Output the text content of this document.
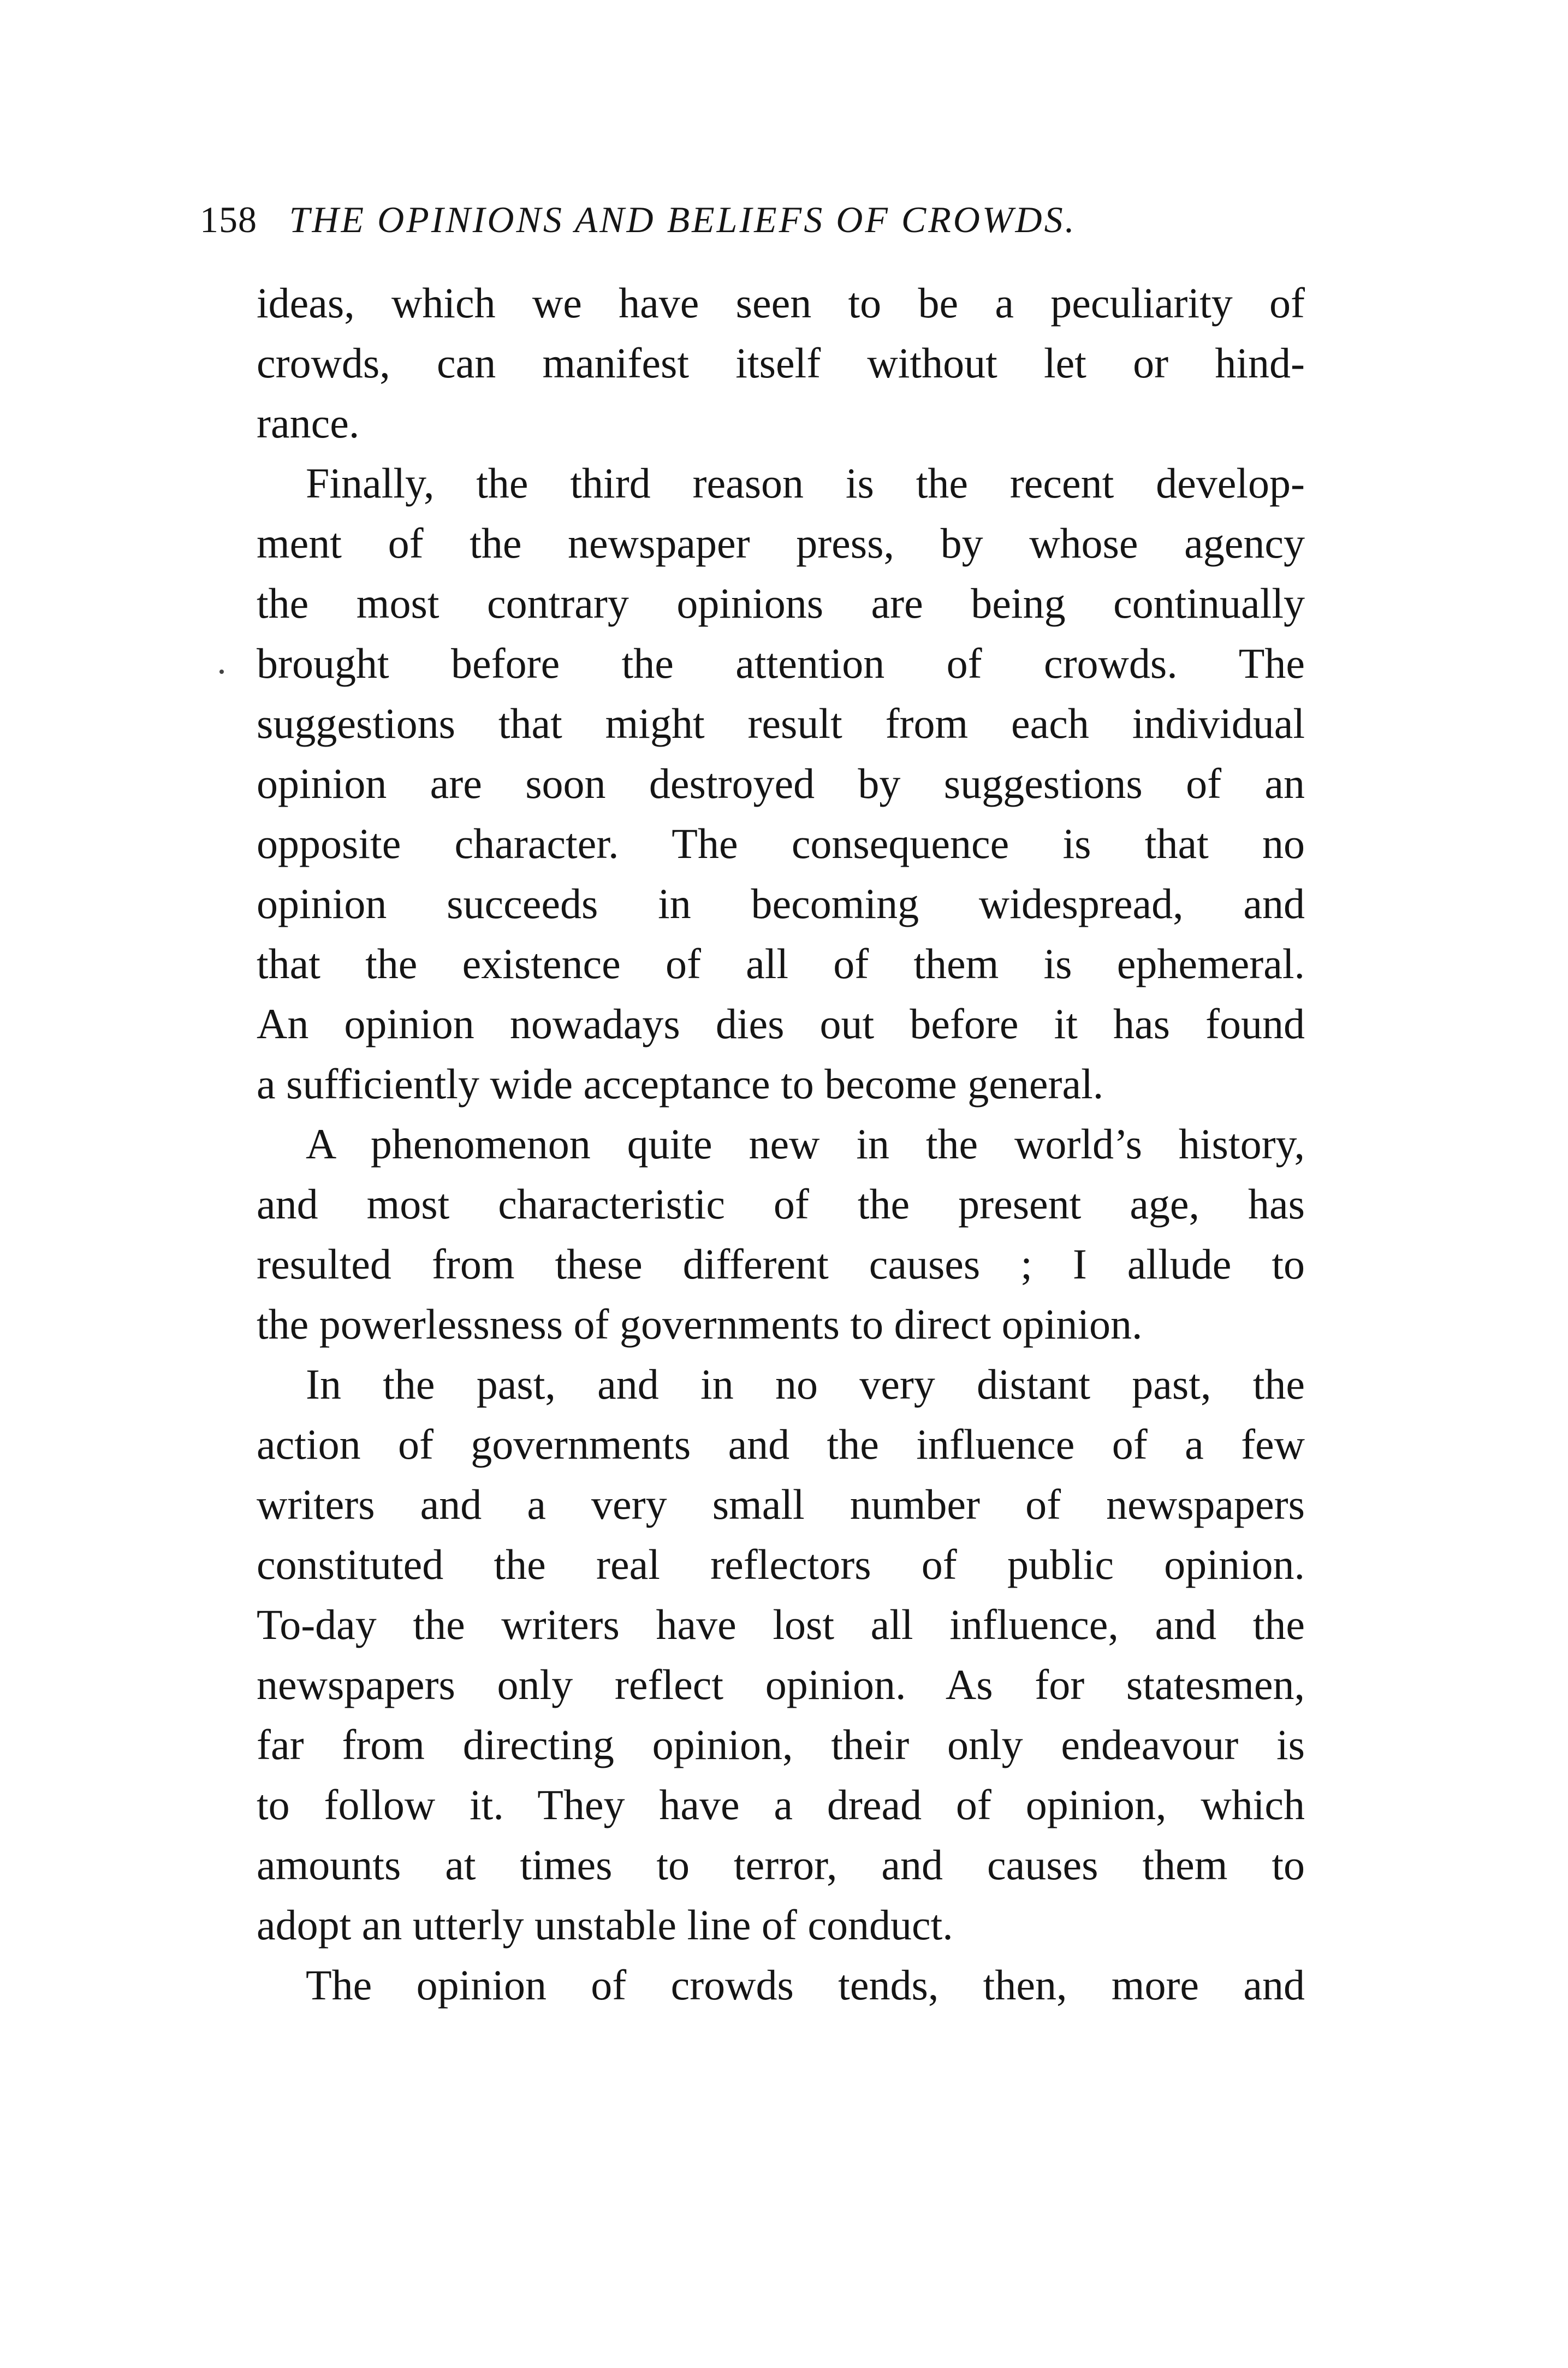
158 THE OPINIONS AND BELIEFS OF CROWDS.
ideas, which we have seen to be a peculiarity of
crowds, can manifest itself without let or hind-
rance.
Finally, the third reason is the recent develop-
ment of the newspaper press, by whose agency
the most contrary opinions are being continually
brought before the attention of crowds. The
suggestions that might result from each individual
opinion are soon destroyed by suggestions of an
opposite character. The consequence is that no
opinion succeeds in becoming widespread, and
that the existence of all of them is ephemeral.
An opinion nowadays dies out before it has found
a sufficiently wide acceptance to become general.
A phenomenon quite new in the world’s history,
and most characteristic of the present age, has
resulted from these different causes ; I allude to
the powerlessness of governments to direct opinion.
In the past, and in no very distant past, the
action of governments and the influence of a few
writers and a very small number of newspapers
constituted the real reflectors of public opinion.
To-day the writers have lost all influence, and the
newspapers only reflect opinion. As for statesmen,
far from directing opinion, their only endeavour is
to follow it. They have a dread of opinion, which
amounts at times to terror, and causes them to
adopt an utterly unstable line of conduct.
The opinion of crowds tends, then, more and
